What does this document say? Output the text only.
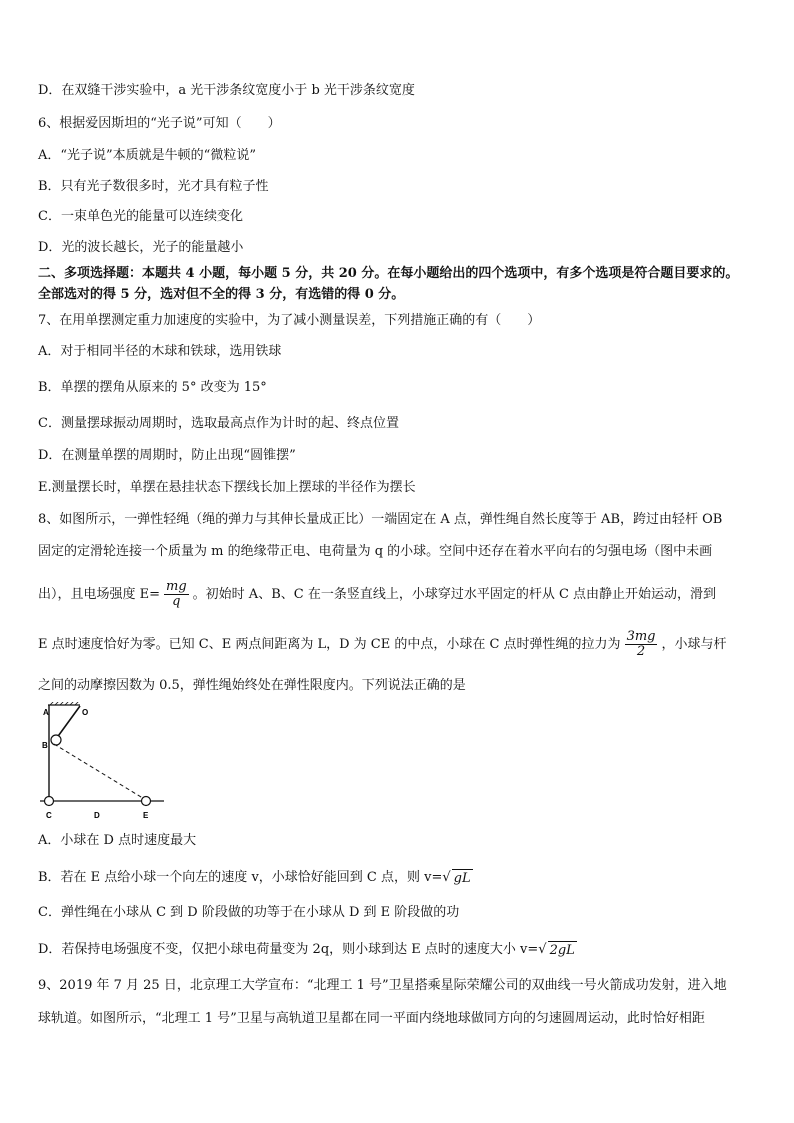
D．在双缝干涉实验中，a 光干涉条纹宽度小于 b 光干涉条纹宽度
6、根据爱因斯坦的“光子说”可知（　　）
A．“光子说”本质就是牛顿的“微粒说”
B．只有光子数很多时，光才具有粒子性
C．一束单色光的能量可以连续变化
D．光的波长越长，光子的能量越小
二、多项选择题：本题共 4 小题，每小题 5 分，共 20 分。在每小题给出的四个选项中，有多个选项是符合题目要求的。
全部选对的得 5 分，选对但不全的得 3 分，有选错的得 0 分。
7、在用单摆测定重力加速度的实验中，为了减小测量误差，下列措施正确的有（　　）
A．对于相同半径的木球和铁球，选用铁球
B．单摆的摆角从原来的 5° 改变为 15°
C．测量摆球振动周期时，选取最高点作为计时的起、终点位置
D．在测量单摆的周期时，防止出现“圆锥摆”
E.测量摆长时，单摆在悬挂状态下摆线长加上摆球的半径作为摆长
8、如图所示，一弹性轻绳（绳的弹力与其伸长量成正比）一端固定在 A 点，弹性绳自然长度等于 AB，跨过由轻杆 OB
固定的定滑轮连接一个质量为 m 的绝缘带正电、电荷量为 q 的小球。空间中还存在着水平向右的匀强电场（图中未画
出），且电场强度 $E= \frac{mg}{q}$ 。初始时 A、B、C 在一条竖直线上，小球穿过水平固定的杆从 C 点由静止开始运动，滑到
E 点时速度恰好为零。已知 C、E 两点间距离为 L，D 为 CE 的中点，小球在 C 点时弹性绳的拉力为 $\frac{3mg}{2}$ ，小球与杆
之间的动摩擦因数为 0.5，弹性绳始终处在弹性限度内。下列说法正确的是
A	O
B
C	D	E
A．小球在 D 点时速度最大
B．若在 E 点给小球一个向左的速度 v，小球恰好能回到 C 点，则 v=√ gL
C．弹性绳在小球从 C 到 D 阶段做的功等于在小球从 D 到 E 阶段做的功
D．若保持电场强度不变，仅把小球电荷量变为 2q，则小球到达 E 点时的速度大小 v=√ 2gL
9、2019 年 7 月 25 日，北京理工大学宣布：“北理工 1 号”卫星搭乘星际荣耀公司的双曲线一号火箭成功发射，进入地
球轨道。如图所示，“北理工 1 号”卫星与高轨道卫星都在同一平面内绕地球做同方向的匀速圆周运动，此时恰好相距
